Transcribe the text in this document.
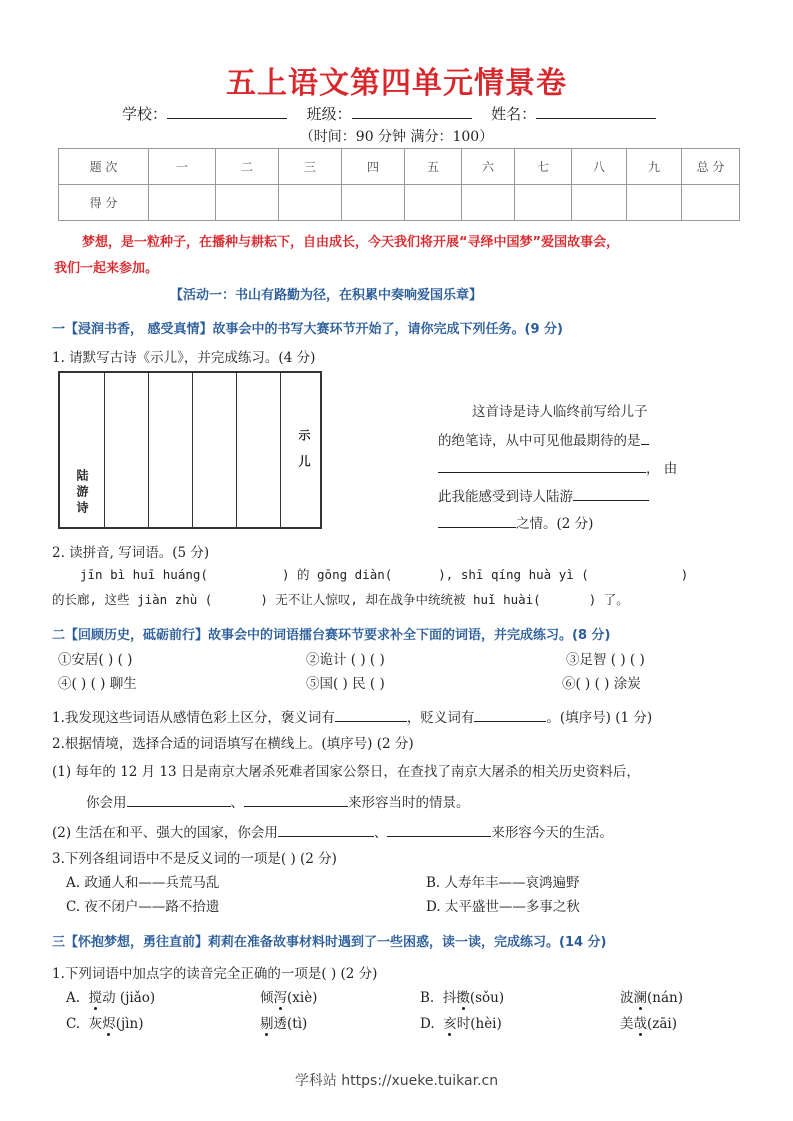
五上语文第四单元情景卷
学校：	班级：	姓名：
（时间：90 分钟 满分：100）
题 次	一	二	三	四	五	六	七	八	九	总 分
得 分										
梦想，是一粒种子，在播种与耕耘下，自由成长，今天我们将开展“寻绎中国梦”爱国故事会，
我们一起来参加。
【活动一：书山有路勤为径，在积累中奏响爱国乐章】
一【浸润书香， 感受真情】故事会中的书写大赛环节开始了，请你完成下列任务。(9 分)
1. 请默写古诗《示儿》，并完成练习。(4 分)
陆游诗
示儿
这首诗是诗人临终前写给儿子
的绝笔诗，从中可见他最期待的是
， 由
此我能感受到诗人陆游
之情。(2 分)
2. 读拼音, 写词语。(5 分)
jīn bì huī huáng(	) 的 gōng diàn(	), shī qíng huà yì (	)
的长廊, 这些 jiàn zhù (	) 无不让人惊叹, 却在战争中统统被 huǐ huài(	) 了。
二【回顾历史，砥砺前行】故事会中的词语擂台赛环节要求补全下面的词语，并完成练习。(8 分)
①安居( ) ( )	②诡计 ( ) ( )	③足智 ( ) ( )
④( ) ( ) 聊生	⑤国( ) 民 ( )	⑥( ) ( ) 涂炭
1.我发现这些词语从感情色彩上区分，褒义词有	，贬义词有	。(填序号) (1 分)
2.根据情境，选择合适的词语填写在横线上。(填序号) (2 分)
(1) 每年的 12 月 13 日是南京大屠杀死难者国家公祭日，在查找了南京大屠杀的相关历史资料后，
你会用	、	来形容当时的情景。
(2) 生活在和平、强大的国家，你会用	、	来形容今天的生活。
3.下列各组词语中不是反义词的一项是( ) (2 分)
A. 政通人和——兵荒马乱	B. 人寿年丰——哀鸿遍野
C. 夜不闭户——路不拾遗	D. 太平盛世——多事之秋
三【怀抱梦想，勇往直前】莉莉在准备故事材料时遇到了一些困惑，读一读，完成练习。(14 分)
1.下列词语中加点字的读音完全正确的一项是( ) (2 分)
A. 搅动 (jiǎo)	倾泻(xiè)	B. 抖擞(sǒu)	波澜(nán)
C. 灰烬(jìn)	剔透(tì)	D. 亥时(hèi)	美哉(zāi)
学科站 https://xueke.tuikar.cn
